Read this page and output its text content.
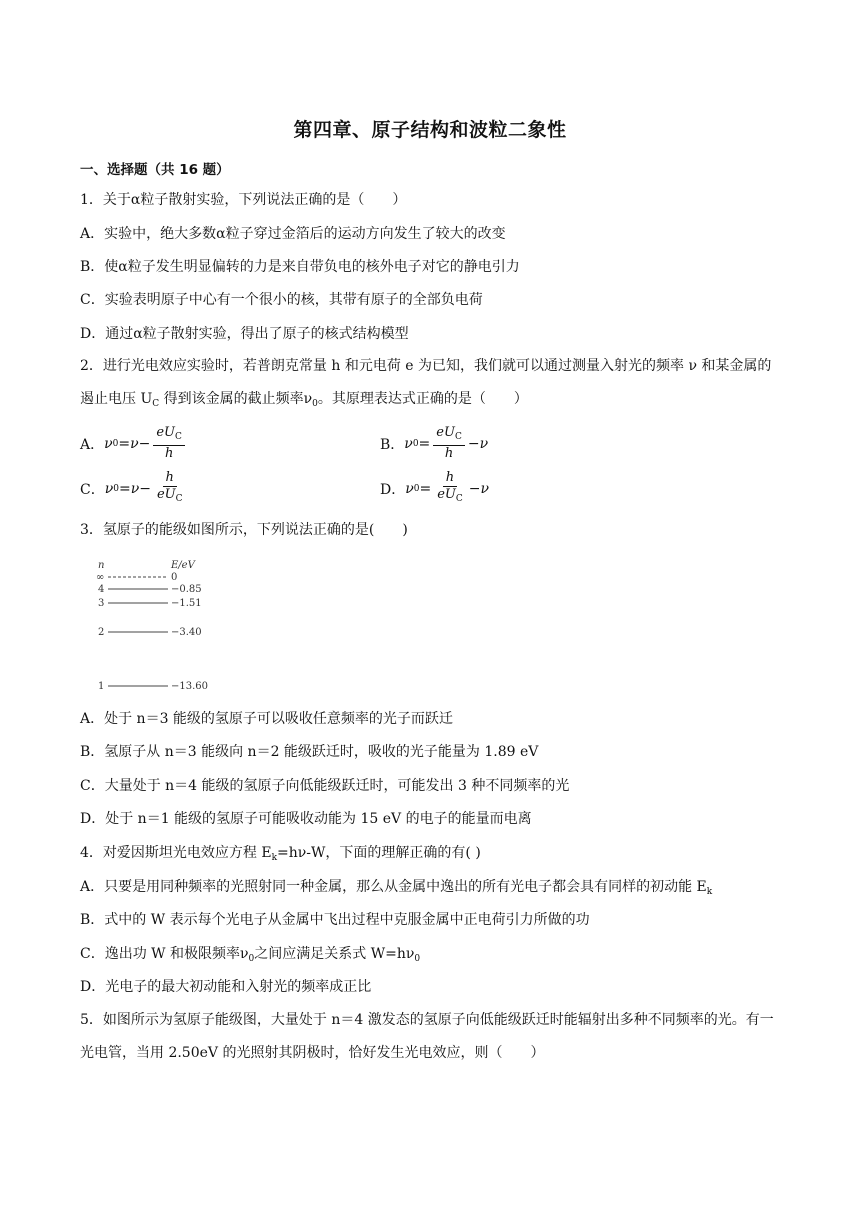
第四章、原子结构和波粒二象性
一、选择题（共 16 题）
1．关于α粒子散射实验，下列说法正确的是（　　）
A．实验中，绝大多数α粒子穿过金箔后的运动方向发生了较大的改变
B．使α粒子发生明显偏转的力是来自带负电的核外电子对它的静电引力
C．实验表明原子中心有一个很小的核，其带有原子的全部负电荷
D．通过α粒子散射实验，得出了原子的核式结构模型
2．进行光电效应实验时，若普朗克常量 h 和元电荷 e 为已知，我们就可以通过测量入射光的频率 ν 和某金属的遏止电压 $U_C$ 得到该金属的截止频率$\nu_0$。其原理表达式正确的是（　　）
A． ν $0 = \nu - \frac{eU_C}{h}$	B． ν $0 = \frac{eU_C}{h} - \nu$
C． ν $0 = \nu - \frac{h}{eU_C}$	D． ν $0 = \frac{h}{eU_C} - \nu$
3．氢原子的能级如图所示，下列说法正确的是(　　)
n	E/eV
∞	0
4	−0.85
3	−1.51
2	−3.40
1	−13.60
A．处于 n＝3 能级的氢原子可以吸收任意频率的光子而跃迁
B．氢原子从 n＝3 能级向 n＝2 能级跃迁时，吸收的光子能量为 1.89 eV
C．大量处于 n＝4 能级的氢原子向低能级跃迁时，可能发出 3 种不同频率的光
D．处于 n＝1 能级的氢原子可能吸收动能为 15 eV 的电子的能量而电离
4．对爱因斯坦光电效应方程 $E_k=h\nu-W$，下面的理解正确的有( )
A．只要是用同种频率的光照射同一种金属，那么从金属中逸出的所有光电子都会具有同样的初动能 $E_k$
B．式中的 W 表示每个光电子从金属中飞出过程中克服金属中正电荷引力所做的功
C．逸出功 W 和极限频率$\nu_0$之间应满足关系式 $W=h\nu_0$
D．光电子的最大初动能和入射光的频率成正比
5．如图所示为氢原子能级图，大量处于 n＝4 激发态的氢原子向低能级跃迁时能辐射出多种不同频率的光。有一光电管，当用 2.50eV 的光照射其阴极时，恰好发生光电效应，则（　　）
